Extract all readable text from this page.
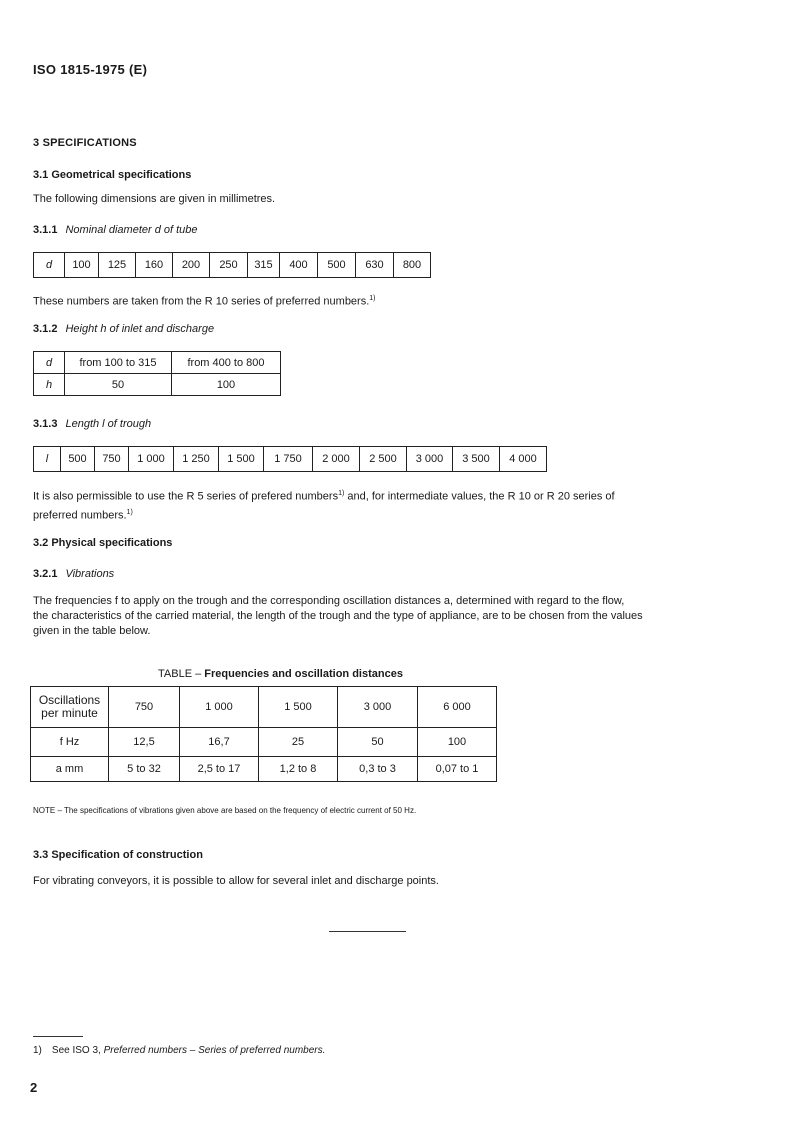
ISO 1815-1975 (E)
3 SPECIFICATIONS
3.1 Geometrical specifications
The following dimensions are given in millimetres.
3.1.1 Nominal diameter d of tube
d	100	125	160	200	250	315	400	500	630	800
These numbers are taken from the R 10 series of preferred numbers.$^{1)}$
3.1.2 Height h of inlet and discharge
d	from 100 to 315	from 400 to 800
h	50	100
3.1.3 Length l of trough
l	500	750	1 000	1 250	1 500	1 750	2 000	2 500	3 000	3 500	4 000
It is also permissible to use the R 5 series of prefered numbers$^{1)}$ and, for intermediate values, the R 10 or R 20 series of
preferred numbers.$^{1)}$
3.2 Physical specifications
3.2.1 Vibrations
The frequencies f to apply on the trough and the corresponding oscillation distances a, determined with regard to the flow,
the characteristics of the carried material, the length of the trough and the type of appliance, are to be chosen from the values
given in the table below.
TABLE – Frequencies and oscillation distances
Oscillations per minute	750	1 000	1 500	3 000	6 000
f Hz	12,5	16,7	25	50	100
a mm	5 to 32	2,5 to 17	1,2 to 8	0,3 to 3	0,07 to 1
NOTE – The specifications of vibrations given above are based on the frequency of electric current of 50 Hz.
3.3 Specification of construction
For vibrating conveyors, it is possible to allow for several inlet and discharge points.
1) See ISO 3, Preferred numbers – Series of preferred numbers.
2
